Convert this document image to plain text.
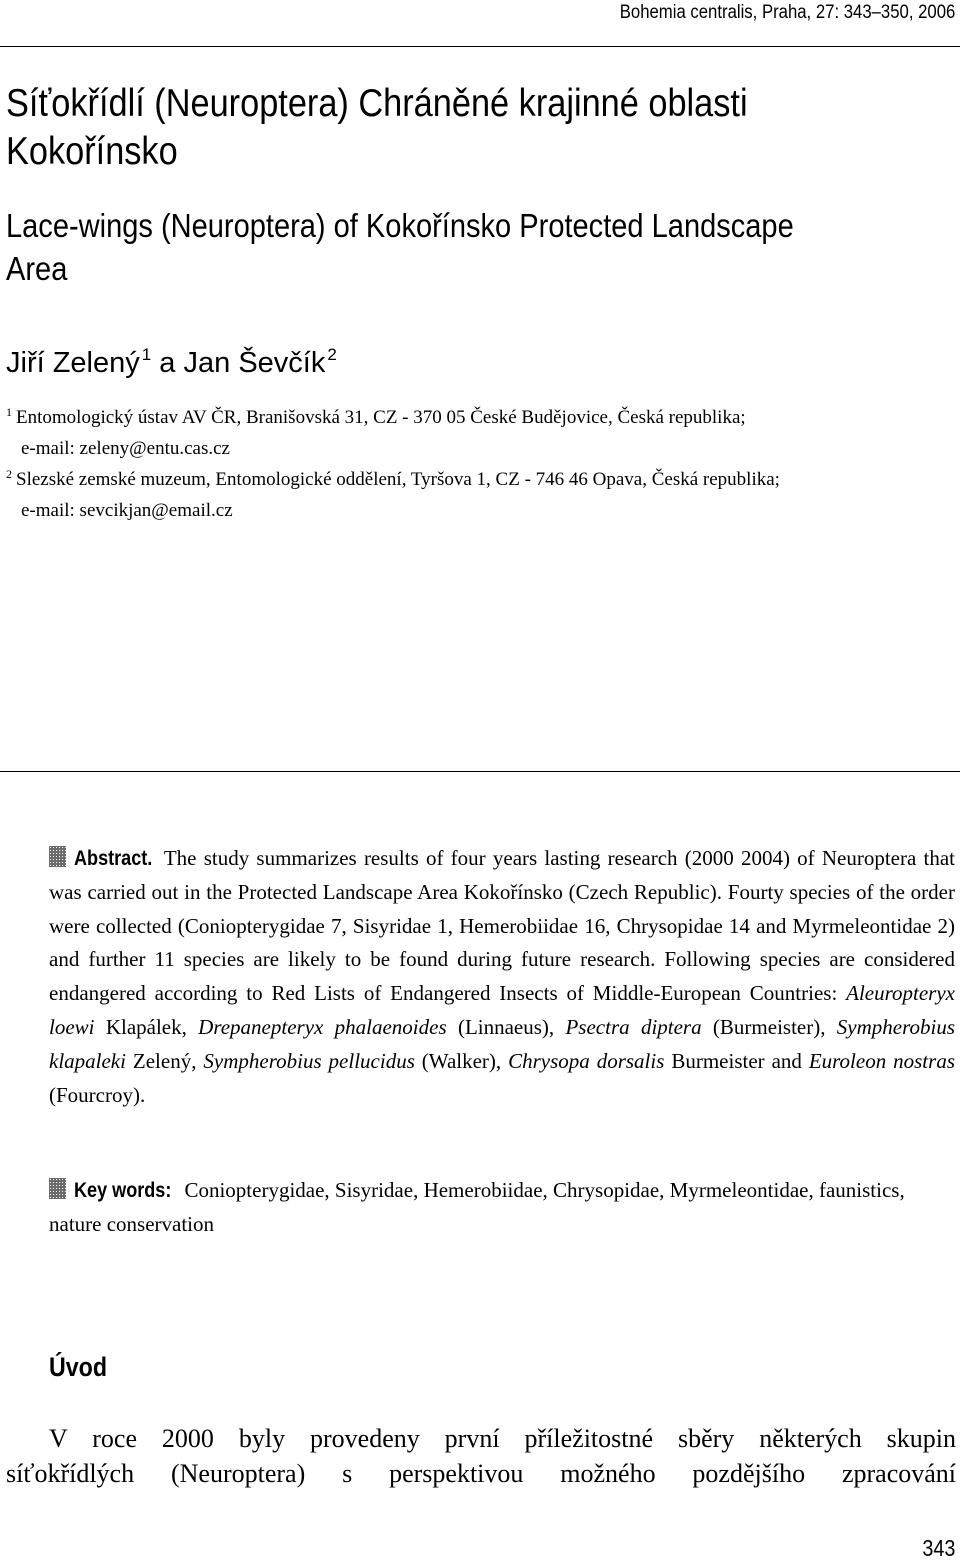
Bohemia centralis, Praha, 27: 343–350, 2006
Síťokřídlí (Neuroptera) Chráněné krajinné oblasti Kokořínsko
Lace-wings (Neuroptera) of Kokořínsko Protected Landscape Area
Jiří Zelený $^1$ a Jan Ševčík $^2$
$^1$ Entomologický ústav AV ČR, Branišovská 31, CZ - 370 05 České Budějovice, Česká republika;
e-mail: zeleny@entu.cas.cz
$^2$ Slezské zemské muzeum, Entomologické oddělení, Tyršova 1, CZ - 746 46 Opava, Česká republika;
e-mail: sevcikjan@email.cz
Abstract. The study summarizes results of four years lasting research (2000 2004) of Neuroptera that was carried out in the Protected Landscape Area Kokořínsko (Czech Republic). Fourty species of the order were collected (Coniopterygidae 7, Sisyridae 1, Hemerobiidae 16, Chrysopidae 14 and Myrmeleontidae 2) and further 11 species are likely to be found during future research. Following species are considered endangered according to Red Lists of Endangered Insects of Middle-European Countries: Aleuropteryx loewi Klapálek, Drepanepteryx phalaenoides (Linnaeus), Psectra diptera (Burmeister), Sympherobius klapaleki Zelený, Sympherobius pellucidus (Walker), Chrysopa dorsalis Burmeister and Euroleon nostras (Fourcroy).
Key words: Coniopterygidae, Sisyridae, Hemerobiidae, Chrysopidae, Myrmeleontidae, faunistics, nature conservation
Úvod
V roce 2000 byly provedeny první příležitostné sběry některých skupin
síťokřídlých (Neuroptera) s perspektivou možného pozdějšího zpracování
343
